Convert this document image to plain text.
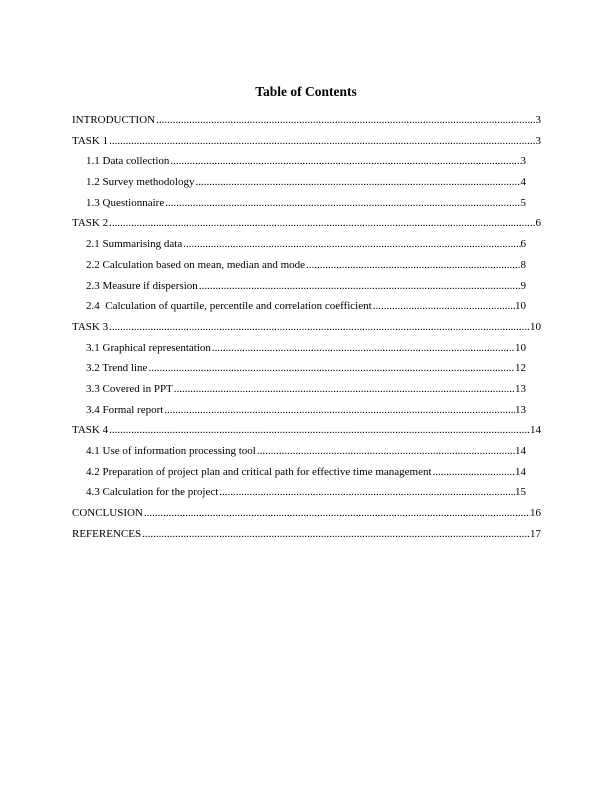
Table of Contents
INTRODUCTION .....	3
TASK 1 .....	3
1.1 Data collection .....	3
1.2 Survey methodology .....	4
1.3 Questionnaire .....	5
TASK 2 .....	6
2.1 Summarising data .....	6
2.2 Calculation based on mean, median and mode .....	8
2.3 Measure if dispersion .....	9
2.4  Calculation of quartile, percentile and correlation coefficient .....	10
TASK 3 .....	10
3.1 Graphical representation .....	10
3.2 Trend line .....	12
3.3 Covered in PPT .....	13
3.4 Formal report .....	13
TASK 4 .....	14
4.1 Use of information processing tool .....	14
4.2 Preparation of project plan and critical path for effective time management .....	14
4.3 Calculation for the project .....	15
CONCLUSION .....	16
REFERENCES .....	17
